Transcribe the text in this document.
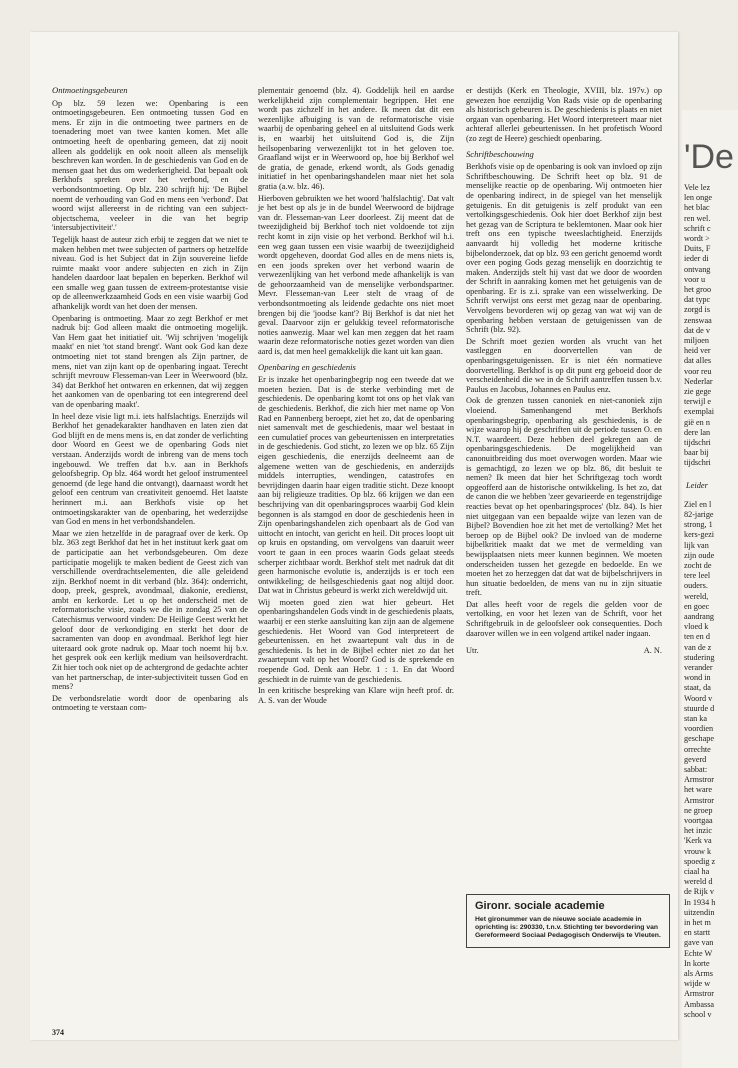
Ontmoetingsgebeuren

Op blz. 59 lezen we: Openbaring is een ontmoetingsgebeuren. Een ontmoeting tussen God en mens. Er zijn in die ontmoeting twee partners en de toenadering moet van twee kanten komen. Met alle ontmoeting heeft de openbaring gemeen, dat zij nooit alleen als goddelijk en ook nooit alleen als menselijk beschreven kan worden. In de geschiedenis van God en de mensen gaat het dus om wederkerigheid. Dat bepaalt ook Berkhofs spreken over het verbond, en de verbondsontmoeting. Op blz. 230 schrijft hij: 'De Bijbel noemt de verhouding van God en mens een 'verbond'. Dat woord wijst allereerst in de richting van een subject-objectschema, veeleer in die van het begrip 'intersubjectiviteit'.'

Tegelijk haast de auteur zich erbij te zeggen dat we niet te maken hebben met twee subjecten of partners op hetzelfde niveau. God is het Subject dat in Zijn souvereine liefde ruimte maakt voor andere subjecten en zich in Zijn handelen daardoor laat bepalen en beperken. Berkhof wil een smalle weg gaan tussen de extreem-protestantse visie op de alleenwerkzaamheid Gods en een visie waarbij God afhankelijk wordt van het doen der mensen.

Openbaring is ontmoeting. Maar zo zegt Berkhof er met nadruk bij: God alleen maakt die ontmoeting mogelijk. Van Hem gaat het initiatief uit. 'Wij schrijven 'mogelijk maakt' en niet 'tot stand brengt'. Want ook God kan deze ontmoeting niet tot stand brengen als Zijn partner, de mens, niet van zijn kant op de openbaring ingaat. Terecht schrijft mevrouw Flesseman-van Leer in Weerwoord (blz. 34) dat Berkhof het ontwaren en erkennen, dat wij zeggen het aankomen van de openbaring tot een integrerend deel van de openbaring maakt'.

In heel deze visie ligt m.i. iets halfslachtigs. Enerzijds wil Berkhof het genadekarakter handhaven en laten zien dat God blijft en de mens mens is, en dat zonder de verlichting door Woord en Geest we de openbaring Gods niet verstaan. Anderzijds wordt de inbreng van de mens toch ingebouwd. We treffen dat b.v. aan in Berkhofs geloofsbegrip. Op blz. 464 wordt het geloof instrumenteel genoemd (de lege hand die ontvangt), daarnaast wordt het geloof een centrum van creativiteit genoemd. Het laatste herinnert m.i. aan Berkhofs visie op het ontmoetingskarakter van de openbaring, het wederzijdse van God en mens in het verbondshandelen.

Maar we zien hetzelfde in de paragraaf over de kerk. Op blz. 363 zegt Berkhof dat het in het instituut kerk gaat om de participatie aan het verbondsgebeuren. Om deze participatie mogelijk te maken bedient de Geest zich van verschillende overdrachtselementen, die alle geleidend zijn. Berkhof noemt in dit verband (blz. 364): onderricht, doop, preek, gesprek, avondmaal, diakonie, eredienst, ambt en kerkorde. Let u op het onderscheid met de reformatorische visie, zoals we die in zondag 25 van de Catechismus verwoord vinden: De Heilige Geest werkt het geloof door de verkondiging en sterkt het door de sacramenten van doop en avondmaal. Berkhof legt hier uiteraard ook grote nadruk op. Maar toch noemt hij b.v. het gesprek ook een kerlijk medium van heilsoverdracht. Zit hier toch ook niet op de achtergrond de gedachte achter van het partnerschap, de inter-subjectiviteit tussen God en mens?

De verbondsrelatie wordt door de openbaring als ontmoeting te verstaan com-

plementair genoemd (blz. 4). Goddelijk heil en aardse werkelijkheid zijn complementair begrippen. Het ene wordt pas zichzelf in het andere. Ik meen dat dit een wezenlijke afbuiging is van de reformatorische visie waarbij de openbaring geheel en al uitsluitend Gods werk is, en waarbij het uitsluitend God is, die Zijn heilsopenbaring verwezenlijkt tot in het geloven toe. Graafland wijst er in Weerwoord op, hoe bij Berkhof wel de gratia, de genade, erkend wordt, als Gods genadig initiatief in het openbaringshandelen maar niet het sola gratia (a.w. blz. 46).

Hierboven gebruikten we het woord 'halfslachtig'. Dat valt je het best op als je in de bundel Weerwoord de bijdrage van dr. Flesseman-van Leer doorleest. Zij meent dat de tweezijdigheid bij Berkhof toch niet voldoende tot zijn recht komt in zijn visie op het verbond. Berkhof wil h.i. een weg gaan tussen een visie waarbij de tweezijdigheid wordt opgeheven, doordat God alles en de mens niets is, en een joods spreken over het verbond waarin de verwezenlijking van het verbond mede afhankelijk is van de gehoorzaamheid van de menselijke verbondspartner. Mevr. Flesseman-van Leer stelt de vraag of de verbondsontmoeting als leidende gedachte ons niet moet brengen bij die 'joodse kant'? Bij Berkhof is dat niet het geval. Daarvoor zijn er gelukkig teveel reformatorische noties aanwezig. Maar wel kan men zeggen dat het raam waarin deze reformatorische noties gezet worden van dien aard is, dat men heel gemakkelijk die kant uit kan gaan.

Openbaring en geschiedenis

Er is inzake het openbaringbegrip nog een tweede dat we moeten bezien. Dat is de sterke verbinding met de geschiedenis. De openbaring komt tot ons op het vlak van de geschiedenis. Berkhof, die zich hier met name op Von Rad en Pannenberg beroept, ziet het zo, dat de openbaring niet samenvalt met de geschiedenis, maar wel bestaat in een cumulatief proces van gebeurtenissen en interpretaties in de geschiedenis. God sticht, zo lezen we op blz. 65 Zijn eigen geschiedenis, die enerzijds deelneemt aan de algemene wetten van de geschiedenis, en anderzijds middels interrupties, wendingen, catastrofes en bevrijdingen daarin haar eigen traditie sticht. Deze knoopt aan bij religieuze tradities. Op blz. 66 krijgen we dan een beschrijving van dit openbaringsproces waarbij God klein begonnen is als stamgod en door de geschiedenis heen in Zijn openbaringshandelen zich openbaart als de God van uittocht en intocht, van gericht en heil. Dit proces loopt uit op kruis en opstanding, om vervolgens van daaruit weer voort te gaan in een proces waarin Gods gelaat steeds scherper zichtbaar wordt. Berkhof stelt met nadruk dat dit geen harmonische evolutie is, anderzijds is er toch een ontwikkeling; de heilsgeschiedenis gaat nog altijd door. Dat wat in Christus gebeurd is werkt zich wereldwijd uit.

Wij moeten goed zien wat hier gebeurt. Het openbaringshandelen Gods vindt in de geschiedenis plaats, waarbij er een sterke aansluiting kan zijn aan de algemene geschiedenis. Het Woord van God interpreteert de gebeurtenissen. en het zwaartepunt valt dus in de geschiedenis. Is het in de Bijbel echter niet zo dat het zwaartepunt valt op het Woord? God is de sprekende en roepende God. Denk aan Hebr. 1 : 1. En dat Woord geschiedt in de ruimte van de geschiedenis.

In een kritische bespreking van Klare wijn heeft prof. dr. A. S. van der Woude

er destijds (Kerk en Theologie, XVIII, blz. 197v.) op gewezen hoe eenzijdig Von Rads visie op de openbaring als historisch gebeuren is. De geschiedenis is plaats en niet orgaan van openbaring. Het Woord interpreteert maar niet achteraf allerlei gebeurtenissen. In het profetisch Woord (zo zegt de Heere) geschiedt openbaring.

Schriftbeschouwing

Berkhofs visie op de openbaring is ook van invloed op zijn Schriftbeschouwing. De Schrift heet op blz. 91 de menselijke reactie op de openbaring. Wij ontmoeten hier de openbaring indirect, in de spiegel van het menselijk getuigenis. En dit getuigenis is zelf produkt van een vertolkingsgeschiedenis. Ook hier doet Berkhof zijn best het gezag van de Scriptura te beklemtonen. Maar ook hier treft ons een typische tweeslachtigheid. Enerzijds aanvaardt hij volledig het moderne kritische bijbelonderzoek, dat op blz. 93 een gericht genoemd wordt over een poging Gods gezag menselijk en doorzichtig te maken. Anderzijds stelt hij vast dat we door de woorden der Schrift in aanraking komen met het getuigenis van de openbaring. Er is z.i. sprake van een wisselwerking. De Schrift verwijst ons eerst met gezag naar de openbaring. Vervolgens bevorderen wij op gezag van wat wij van de openbaring hebben verstaan de getuigenissen van de Schrift (blz. 92).

De Schrift moet gezien worden als vrucht van het vastleggen en doorvertellen van de openbaringsgetuigenissen. Er is niet één normatieve doorvertelling. Berkhof is op dit punt erg geboeid door de verscheidenheid die we in de Schrift aantreffen tussen b.v. Paulus en Jacobus, Johannes en Paulus enz.

Ook de grenzen tussen canoniek en niet-canoniek zijn vloeiend. Samenhangend met Berkhofs openbaringsbegrip, openbaring als geschiedenis, is de wijze waarop hij de geschriften uit de periode tussen O. en N.T. waardeert. Deze hebben deel gekregen aan de openbaringsgeschiedenis. De mogelijkheid van canonuitbreiding dus moet overwogen worden. Maar wie is gemachtigd, zo lezen we op blz. 86, dit besluit te nemen? Ik meen dat hier het Schriftgezag toch wordt opgeofferd aan de historische ontwikkeling. Is het zo, dat de canon die we hebben 'zeer gevarieerde en tegenstrijdige reacties bevat op het openbaringsproces' (blz. 84). Is hier niet uitgegaan van een bepaalde wijze van lezen van de Bijbel? Bovendien hoe zit het met de vertolking? Met het beroep op de Bijbel ook? De invloed van de moderne bijbelkritiek maakt dat we met de vermelding van bewijsplaatsen niets meer kunnen beginnen. We moeten onderscheiden tussen het gezegde en bedoelde. En we moeten het zo herzeggen dat dat wat de bijbelschrijvers in hun situatie bedoelden, de mens van nu in zijn situatie treft.

Dat alles heeft voor de regels die gelden voor de vertolking, en voor het lezen van de Schrift, voor het Schriftgebruik in de geloofsleer ook consequenties. Doch daarover willen we in een volgend artikel nader ingaan.

Utr.	A. N.
Gironr. sociale academie
Het gironummer van de nieuwe sociale academie in oprichting is: 290330, t.n.v. Stichting ter bevordering van Gereformeerd Sociaal Pedagogisch Onderwijs te Vleuten.
374
'De
Vele lez
len onge
het blac
ren wel.
schrift c
wordt >
Duits, F
ieder di
ontvang
voor u
het groo
dat typc
zorgd is
zenswaa
dat de v
miljoen
heid ver
dat alles
voor reu
Nederlar
zie gege
terwijl e
exemplai
gië en n
dere lan
tijdschri
baar bij
tijdschri
Leider
Ziel en l
82-jarige
strong, 1
kers-gezi
lijk van
zijn oude
zocht de
tere leel
ouders.
wereld,
en goec
aandrang
vloed k
ten en d
van de z
studering
verander
wond in
staat, da
Woord v
stuurde d
stan ka
voordien
geschape
orrechte
geverd
sabbat:
Armstror
het ware
Armstror
ne groep
voortgaa
het inzic
'Kerk va
vrouw k
spoedig z
ciaal ha
wereld d
de Rijk v
In 1934 h
uitzendin
in het m
en startt
gave van
Echte W
In korte
als Arms
wijde w
Armstror
Ambassa
school v
